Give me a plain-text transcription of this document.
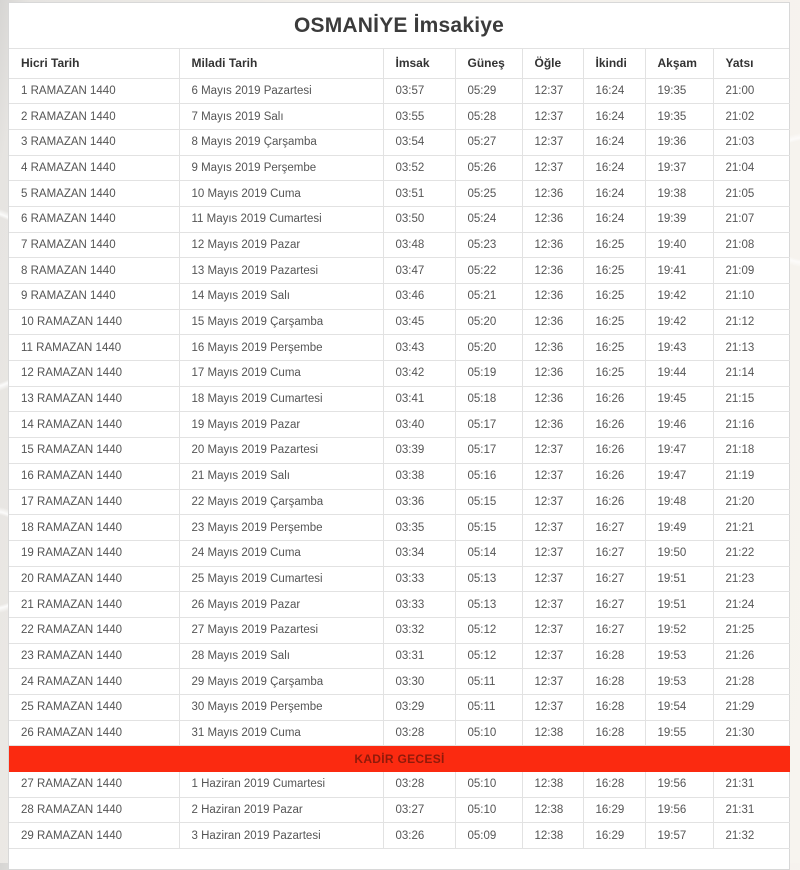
OSMANİYE İmsakiye
Hicri Tarih	Miladi Tarih	İmsak	Güneş	Öğle	İkindi	Akşam	Yatsı
1 RAMAZAN 1440	6 Mayıs 2019 Pazartesi	03:57	05:29	12:37	16:24	19:35	21:00
2 RAMAZAN 1440	7 Mayıs 2019 Salı	03:55	05:28	12:37	16:24	19:35	21:02
3 RAMAZAN 1440	8 Mayıs 2019 Çarşamba	03:54	05:27	12:37	16:24	19:36	21:03
4 RAMAZAN 1440	9 Mayıs 2019 Perşembe	03:52	05:26	12:37	16:24	19:37	21:04
5 RAMAZAN 1440	10 Mayıs 2019 Cuma	03:51	05:25	12:36	16:24	19:38	21:05
6 RAMAZAN 1440	11 Mayıs 2019 Cumartesi	03:50	05:24	12:36	16:24	19:39	21:07
7 RAMAZAN 1440	12 Mayıs 2019 Pazar	03:48	05:23	12:36	16:25	19:40	21:08
8 RAMAZAN 1440	13 Mayıs 2019 Pazartesi	03:47	05:22	12:36	16:25	19:41	21:09
9 RAMAZAN 1440	14 Mayıs 2019 Salı	03:46	05:21	12:36	16:25	19:42	21:10
10 RAMAZAN 1440	15 Mayıs 2019 Çarşamba	03:45	05:20	12:36	16:25	19:42	21:12
11 RAMAZAN 1440	16 Mayıs 2019 Perşembe	03:43	05:20	12:36	16:25	19:43	21:13
12 RAMAZAN 1440	17 Mayıs 2019 Cuma	03:42	05:19	12:36	16:25	19:44	21:14
13 RAMAZAN 1440	18 Mayıs 2019 Cumartesi	03:41	05:18	12:36	16:26	19:45	21:15
14 RAMAZAN 1440	19 Mayıs 2019 Pazar	03:40	05:17	12:36	16:26	19:46	21:16
15 RAMAZAN 1440	20 Mayıs 2019 Pazartesi	03:39	05:17	12:37	16:26	19:47	21:18
16 RAMAZAN 1440	21 Mayıs 2019 Salı	03:38	05:16	12:37	16:26	19:47	21:19
17 RAMAZAN 1440	22 Mayıs 2019 Çarşamba	03:36	05:15	12:37	16:26	19:48	21:20
18 RAMAZAN 1440	23 Mayıs 2019 Perşembe	03:35	05:15	12:37	16:27	19:49	21:21
19 RAMAZAN 1440	24 Mayıs 2019 Cuma	03:34	05:14	12:37	16:27	19:50	21:22
20 RAMAZAN 1440	25 Mayıs 2019 Cumartesi	03:33	05:13	12:37	16:27	19:51	21:23
21 RAMAZAN 1440	26 Mayıs 2019 Pazar	03:33	05:13	12:37	16:27	19:51	21:24
22 RAMAZAN 1440	27 Mayıs 2019 Pazartesi	03:32	05:12	12:37	16:27	19:52	21:25
23 RAMAZAN 1440	28 Mayıs 2019 Salı	03:31	05:12	12:37	16:28	19:53	21:26
24 RAMAZAN 1440	29 Mayıs 2019 Çarşamba	03:30	05:11	12:37	16:28	19:53	21:28
25 RAMAZAN 1440	30 Mayıs 2019 Perşembe	03:29	05:11	12:37	16:28	19:54	21:29
26 RAMAZAN 1440	31 Mayıs 2019 Cuma	03:28	05:10	12:38	16:28	19:55	21:30
KADİR GECESİ							
27 RAMAZAN 1440	1 Haziran 2019 Cumartesi	03:28	05:10	12:38	16:28	19:56	21:31
28 RAMAZAN 1440	2 Haziran 2019 Pazar	03:27	05:10	12:38	16:29	19:56	21:31
29 RAMAZAN 1440	3 Haziran 2019 Pazartesi	03:26	05:09	12:38	16:29	19:57	21:32
